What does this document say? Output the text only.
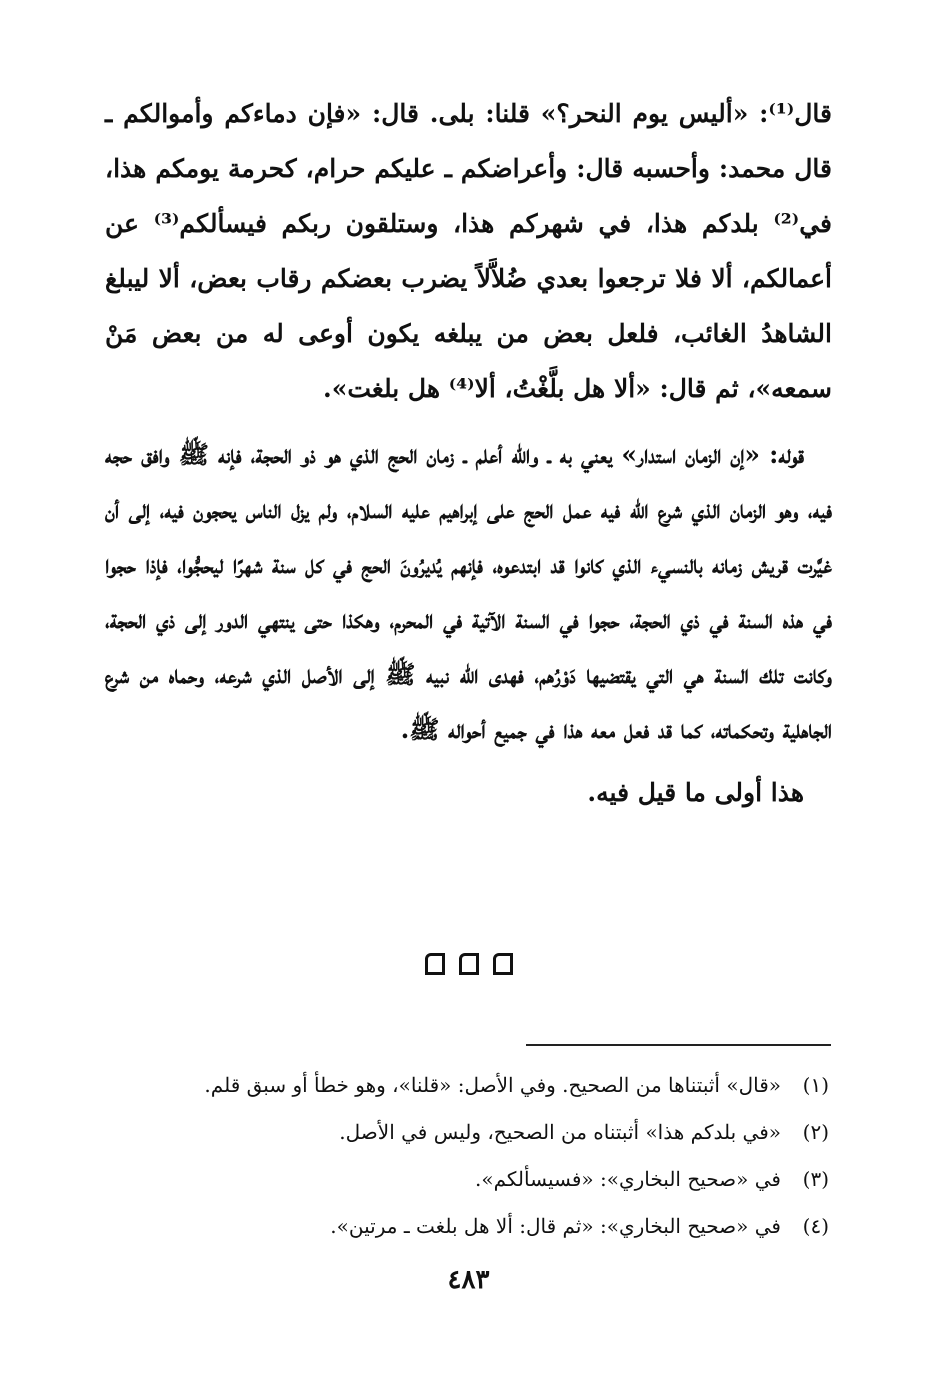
قال⁽¹⁾: «أليس يوم النحر؟» قلنا: بلى. قال: «فإن دماءكم وأموالكم ـ قال محمد: وأحسبه قال: وأعراضكم ـ عليكم حرام، كحرمة يومكم هذا، في⁽²⁾ بلدكم هذا، في شهركم هذا، وستلقون ربكم فيسألكم⁽³⁾ عن أعمالكم، ألا فلا ترجعوا بعدي ضُلاَّلاً يضرب بعضكم رقاب بعض، ألا ليبلغ الشاهدُ الغائب، فلعل بعض من يبلغه يكون أوعى له من بعض مَنْ سمعه»، ثم قال: «ألا هل بلَّغْتُ، ألا⁽⁴⁾ هل بلغت».

قوله: «إن الزمان استدار» يعني به ـ والله أعلم ـ زمان الحج الذي هو ذو الحجة، فإنه ﷺ وافق حجه فيه، وهو الزمان الذي شرع الله فيه عمل الحج على إبراهيم عليه السلام، ولم يزل الناس يحجون فيه، إلى أن غيَّرت قريش زمانه بالنسيء الذي كانوا قد ابتدعوه، فإنهم يُديرُونَ الحج في كل سنة شهرًا ليحجُّوا، فإذا حجوا في هذه السنة في ذي الحجة، حجوا في السنة الآتية في المحرم، وهكذا حتى ينتهي الدور إلى ذي الحجة، وكانت تلك السنة هي التي يقتضيها دَوْرُهم، فهدى الله نبيه ﷺ إلى الأصل الذي شرعه، وحماه من شرع الجاهلية وتحكماته، كما قد فعل معه هذا في جميع أحواله ﷺ.

هذا أولى ما قيل فيه.

(١)
«قال» أثبتناها من الصحيح. وفي الأصل: «قلنا»، وهو خطأ أو سبق قلم.
(٢)
«في بلدكم هذا» أثبتناه من الصحيح، وليس في الأصل.
(٣)
في «صحيح البخاري»: «فسيسألكم».
(٤)
في «صحيح البخاري»: «ثم قال: ألا هل بلغت ـ مرتين».
٤٨٣
